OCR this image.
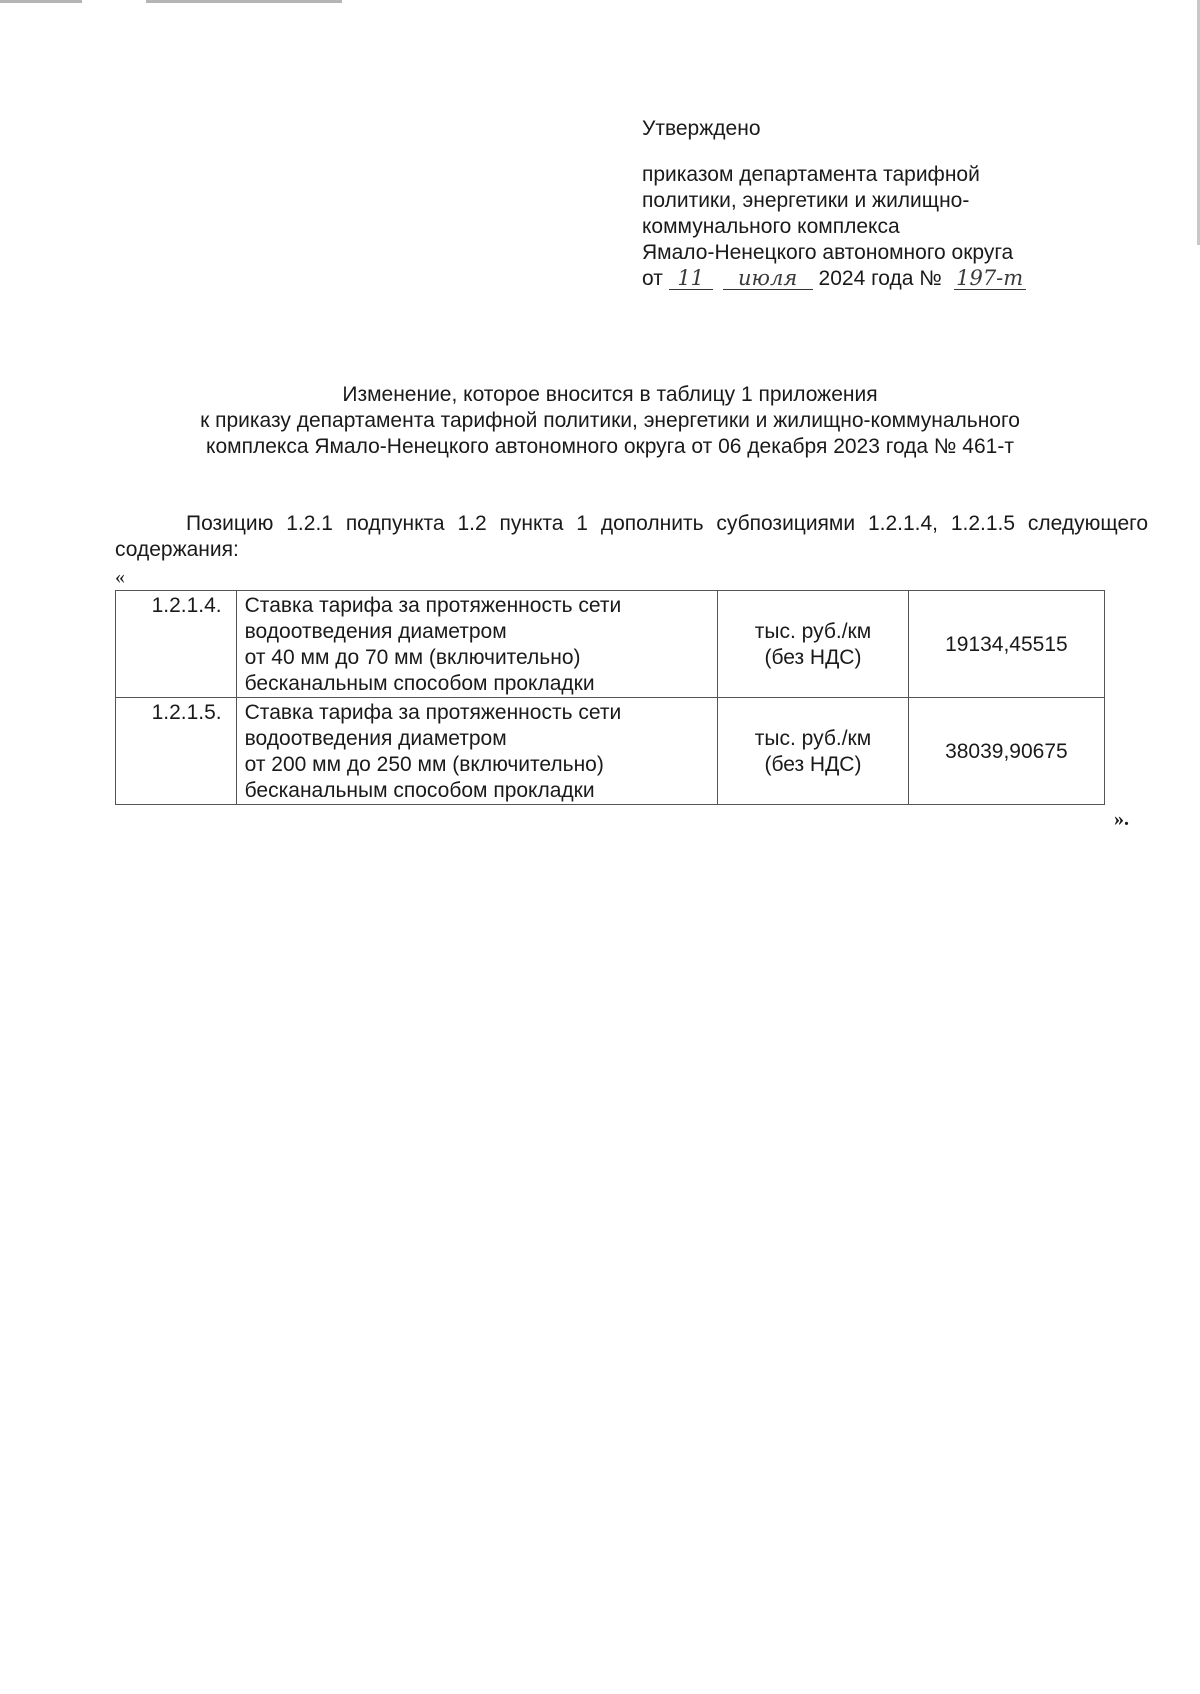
Утверждено
приказом департамента тарифной
политики, энергетики и жилищно-
коммунального комплекса
Ямало-Ненецкого автономного округа
от 11 июля 2024 года № 197-т
Изменение, которое вносится в таблицу 1 приложения
к приказу департамента тарифной политики, энергетики и жилищно-коммунального
комплекса Ямало-Ненецкого автономного округа от 06 декабря 2023 года № 461-т
Позицию 1.2.1 подпункта 1.2 пункта 1 дополнить субпозициями 1.2.1.4, 1.2.1.5 следующего содержания:
«
1.2.1.4.	Ставка тарифа за протяженность сети
водоотведения диаметром
от 40 мм до 70 мм (включительно)
бесканальным способом прокладки	тыс. руб./км
(без НДС)	19134,45515
1.2.1.5.	Ставка тарифа за протяженность сети
водоотведения диаметром
от 200 мм до 250 мм (включительно)
бесканальным способом прокладки	тыс. руб./км
(без НДС)	38039,90675
».
